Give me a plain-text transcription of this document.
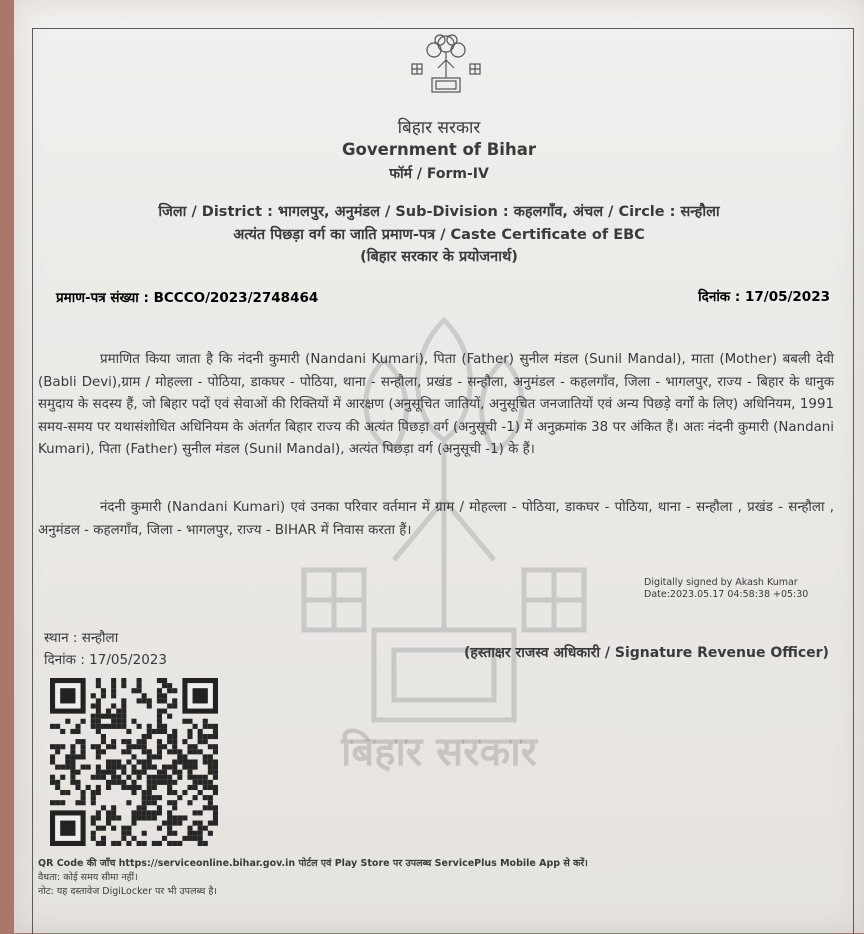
बिहार सरकार
बिहार सरकार
Government of Bihar
फॉर्म / Form-IV
जिला / District : भागलपुर, अनुमंडल / Sub-Division : कहलगाँव, अंचल / Circle : सन्हौला
अत्यंत पिछड़ा वर्ग का जाति प्रमाण-पत्र / Caste Certificate of EBC
(बिहार सरकार के प्रयोजनार्थ)
प्रमाण-पत्र संख्या : BCCCO/2023/2748464	दिनांक : 17/05/2023
प्रमाणित किया जाता है कि नंदनी कुमारी (Nandani Kumari), पिता (Father) सुनील मंडल (Sunil Mandal), माता (Mother) बबली देवी (Babli Devi),ग्राम / मोहल्ला - पोठिया, डाकघर - पोठिया, थाना - सन्हौला, प्रखंड - सन्हौला, अनुमंडल - कहलगाँव, जिला - भागलपुर, राज्य - बिहार के धानुक समुदाय के सदस्य हैं, जो बिहार पदों एवं सेवाओं की रिक्तियों में आरक्षण (अनुसूचित जातियों, अनुसूचित जनजातियों एवं अन्य पिछड़े वर्गों के लिए) अधिनियम, 1991 समय-समय पर यथासंशोधित अधिनियम के अंतर्गत बिहार राज्य की अत्यंत पिछड़ा वर्ग (अनुसूची -1) में अनुक्रमांक 38 पर अंकित हैं। अतः नंदनी कुमारी (Nandani Kumari), पिता (Father) सुनील मंडल (Sunil Mandal), अत्यंत पिछड़ा वर्ग (अनुसूची -1) के हैं।
नंदनी कुमारी (Nandani Kumari) एवं उनका परिवार वर्तमान में ग्राम / मोहल्ला - पोठिया, डाकघर - पोठिया, थाना - सन्हौला , प्रखंड - सन्हौला , अनुमंडल - कहलगाँव, जिला - भागलपुर, राज्य - BIHAR में निवास करता हैं।
Digitally signed by Akash Kumar
Date:2023.05.17 04:58:38 +05:30
स्थान : सन्हौला
दिनांक : 17/05/2023	(हस्ताक्षर राजस्व अधिकारी / Signature Revenue Officer)
QR Code की जाँच https://serviceonline.bihar.gov.in पोर्टल एवं Play Store पर उपलब्ध ServicePlus Mobile App से करें।
वैधता: कोई समय सीमा नहीं।
नोट: यह दस्तावेज DigiLocker पर भी उपलब्ध है।
